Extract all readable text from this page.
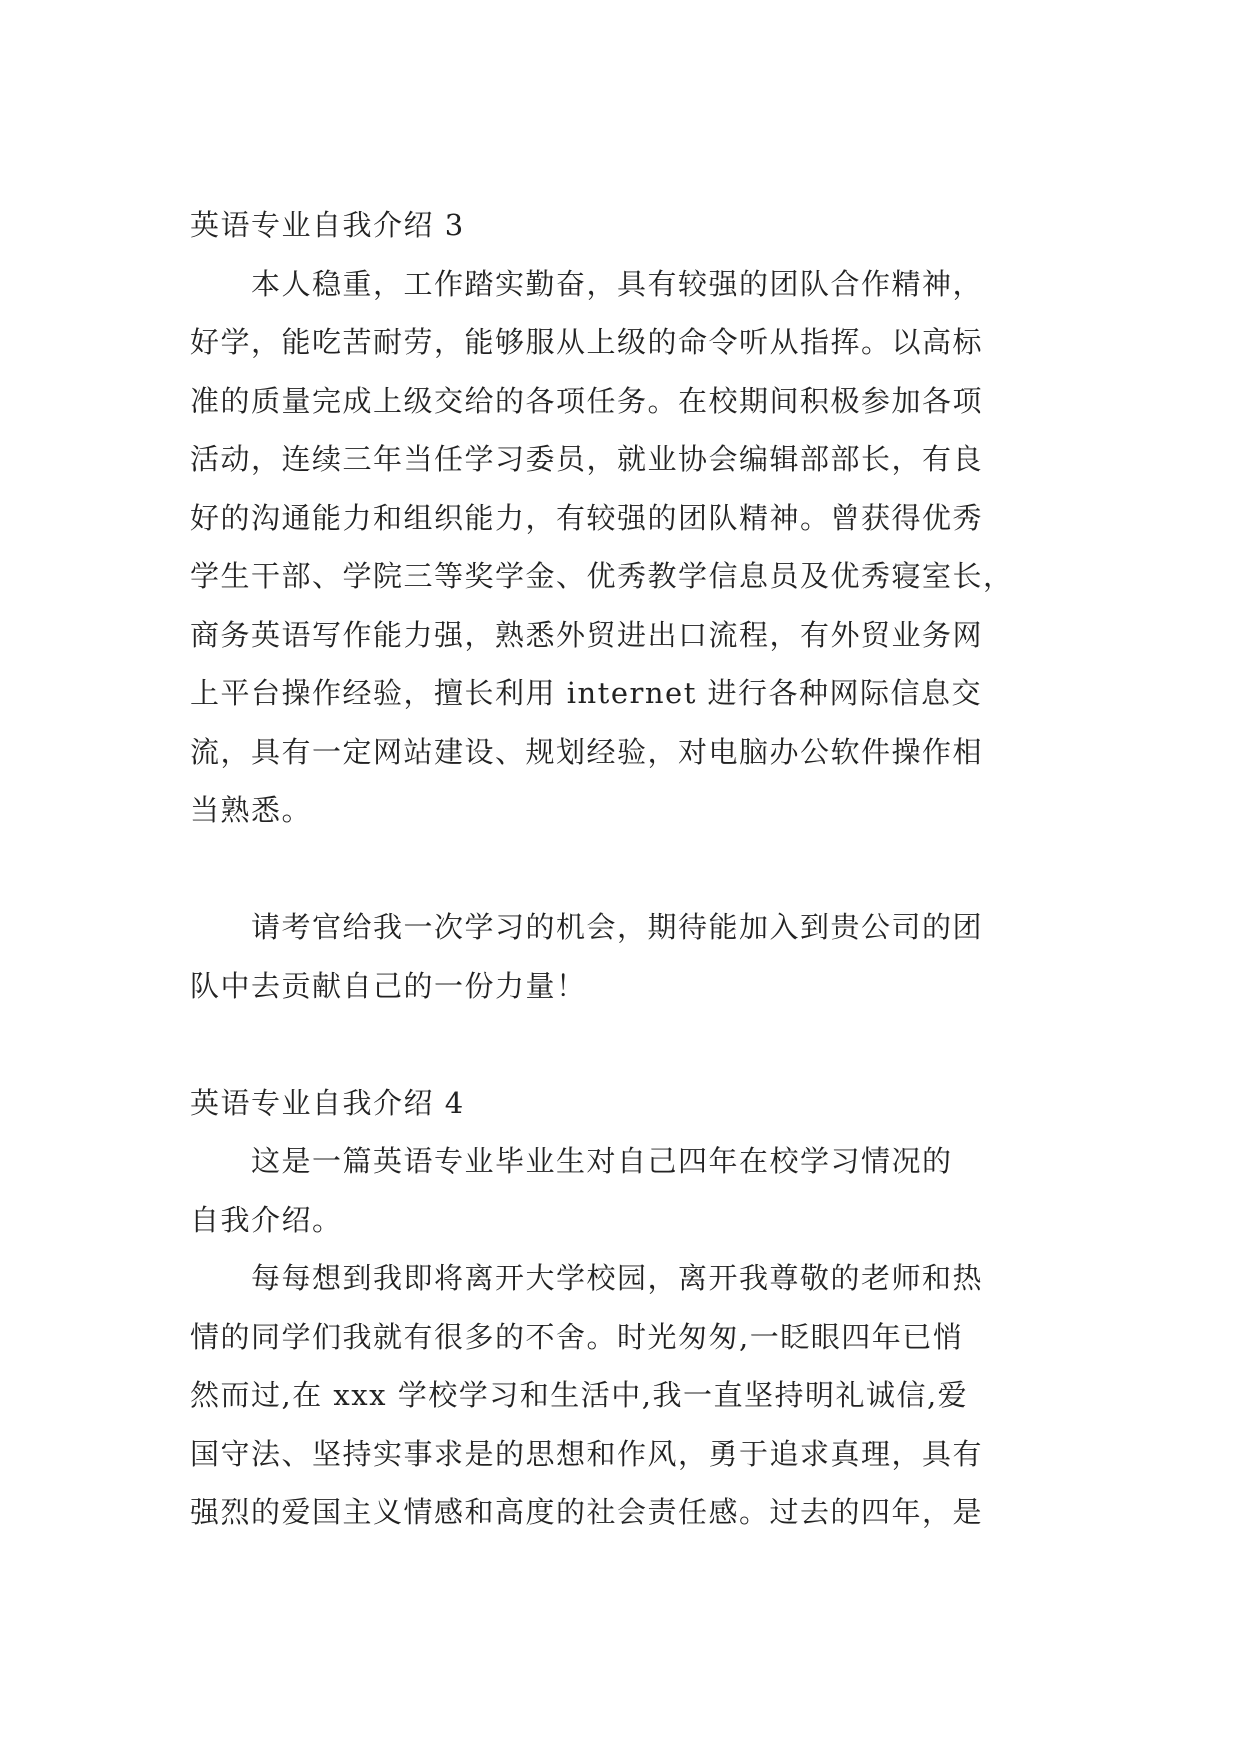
英语专业自我介绍 3
　　本人稳重，工作踏实勤奋，具有较强的团队合作精神，
好学，能吃苦耐劳，能够服从上级的命令听从指挥。以高标
准的质量完成上级交给的各项任务。在校期间积极参加各项
活动，连续三年当任学习委员，就业协会编辑部部长，有良
好的沟通能力和组织能力，有较强的团队精神。曾获得优秀
学生干部、学院三等奖学金、优秀教学信息员及优秀寝室长，
商务英语写作能力强，熟悉外贸进出口流程，有外贸业务网
上平台操作经验，擅长利用 internet 进行各种网际信息交
流，具有一定网站建设、规划经验，对电脑办公软件操作相
当熟悉。
　　请考官给我一次学习的机会，期待能加入到贵公司的团
队中去贡献自己的一份力量！
英语专业自我介绍 4
　　这是一篇英语专业毕业生对自己四年在校学习情况的
自我介绍。
　　每每想到我即将离开大学校园，离开我尊敬的老师和热
情的同学们我就有很多的不舍。时光匆匆,一眨眼四年已悄
然而过,在 xxx 学校学习和生活中,我一直坚持明礼诚信,爱
国守法、坚持实事求是的思想和作风，勇于追求真理，具有
强烈的爱国主义情感和高度的社会责任感。过去的四年，是
